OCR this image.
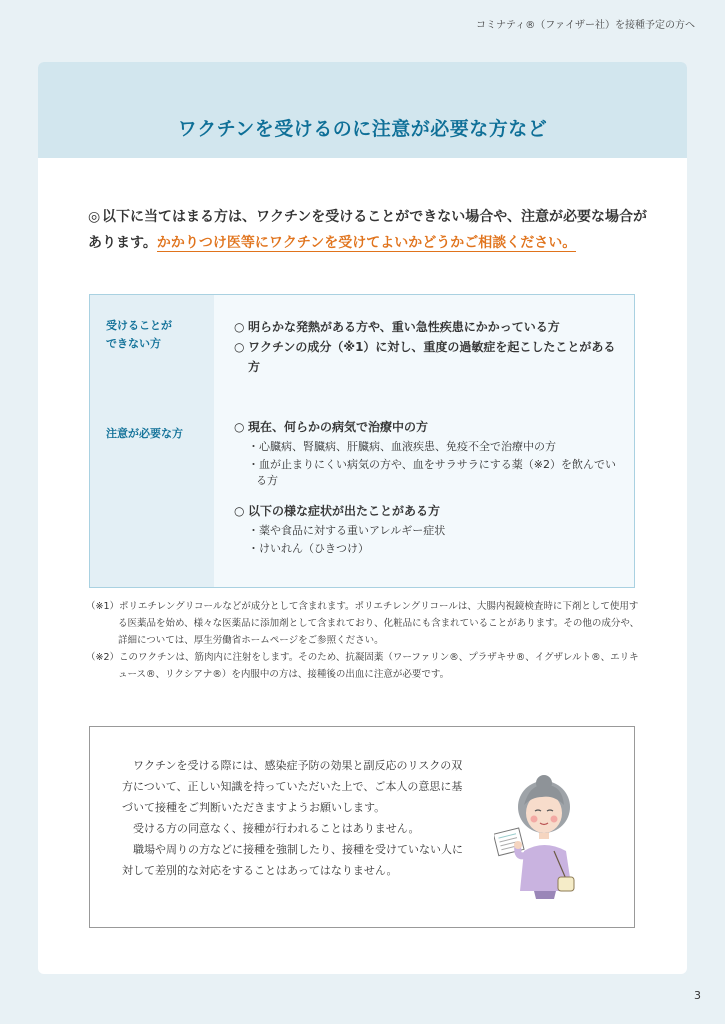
コミナティ®（ファイザー社）を接種予定の方へ
ワクチンを受けるのに注意が必要な方など
◎ 以下に当てはまる方は、ワクチンを受けることができない場合や、注意が必要な場合があります。かかりつけ医等にワクチンを受けてよいかどうかご相談ください。
受けることが
できない方
○ 明らかな発熱がある方や、重い急性疾患にかかっている方
○ ワクチンの成分（※1）に対し、重度の過敏症を起こしたことがある方
注意が必要な方	○ 現在、何らかの病気で治療中の方
・心臓病、腎臓病、肝臓病、血液疾患、免疫不全で治療中の方
・血が止まりにくい病気の方や、血をサラサラにする薬（※2）を飲んでいる方
○ 以下の様な症状が出たことがある方
・薬や食品に対する重いアレルギー症状
・けいれん（ひきつけ）
（※1）ポリエチレングリコールなどが成分として含まれます。ポリエチレングリコールは、大腸内視鏡検査時に下剤として使用する医薬品を始め、様々な医薬品に添加剤として含まれており、化粧品にも含まれていることがあります。その他の成分や、詳細については、厚生労働省ホームページをご参照ください。
（※2）このワクチンは、筋肉内に注射をします。そのため、抗凝固薬（ワーファリン®、プラザキサ®、イグザレルト®、エリキュース®、リクシアナ®）を内服中の方は、接種後の出血に注意が必要です。

ワクチンを受ける際には、感染症予防の効果と副反応のリスクの双方について、正しい知識を持っていただいた上で、ご本人の意思に基づいて接種をご判断いただきますようお願いします。

受ける方の同意なく、接種が行われることはありません。

職場や周りの方などに接種を強制したり、接種を受けていない人に対して差別的な対応をすることはあってはなりません。

3
